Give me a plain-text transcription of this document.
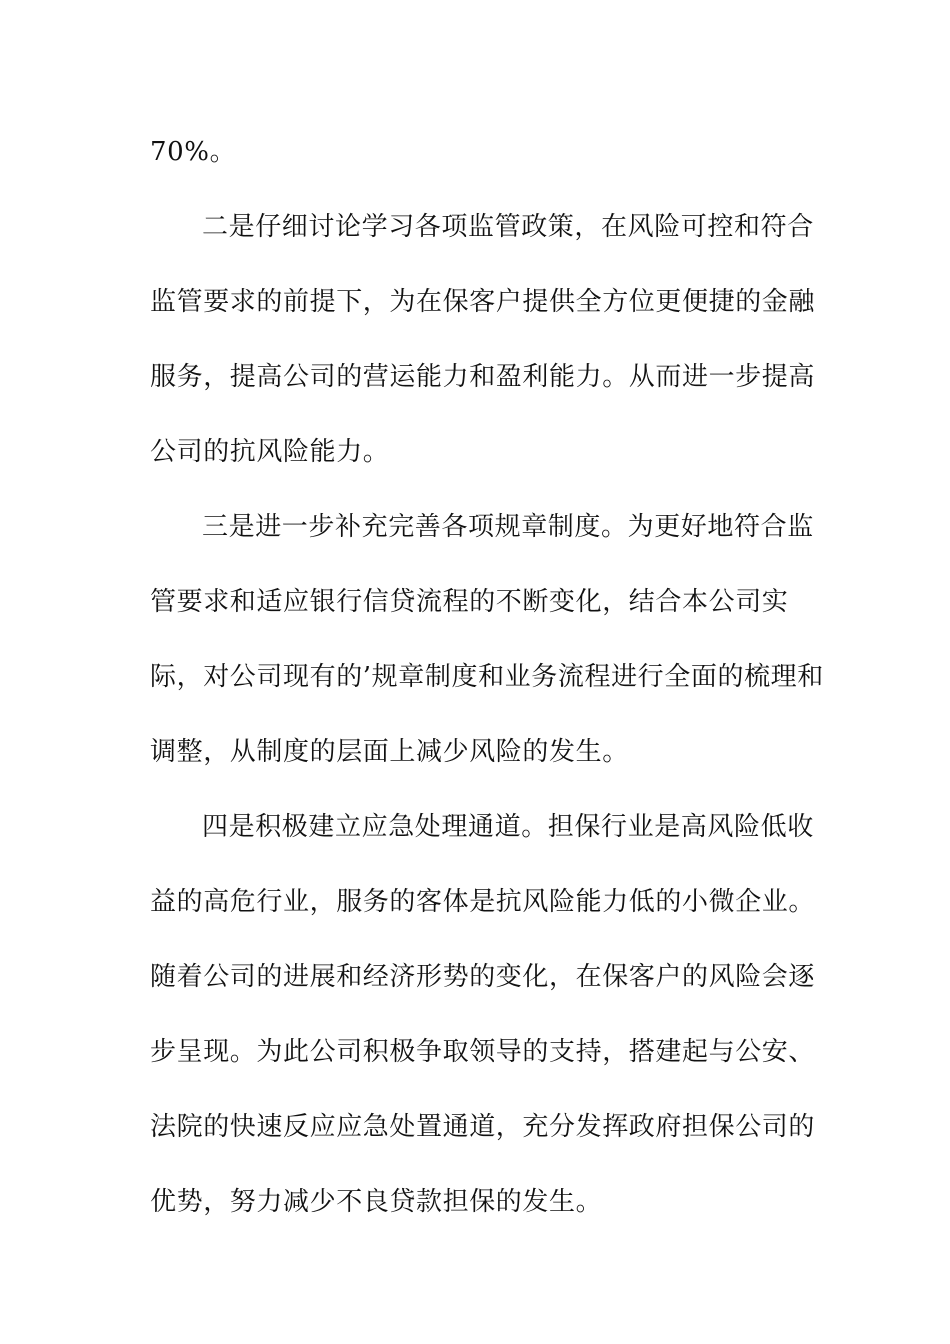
70%。
二是仔细讨论学习各项监管政策，在风险可控和符合
监管要求的前提下，为在保客户提供全方位更便捷的金融
服务，提高公司的营运能力和盈利能力。从而进一步提高
公司的抗风险能力。
三是进一步补充完善各项规章制度。为更好地符合监
管要求和适应银行信贷流程的不断变化，结合本公司实
际，对公司现有的’规章制度和业务流程进行全面的梳理和
调整，从制度的层面上减少风险的发生。
四是积极建立应急处理通道。担保行业是高风险低收
益的高危行业，服务的客体是抗风险能力低的小微企业。
随着公司的进展和经济形势的变化，在保客户的风险会逐
步呈现。为此公司积极争取领导的支持，搭建起与公安、
法院的快速反应应急处置通道，充分发挥政府担保公司的
优势，努力减少不良贷款担保的发生。
